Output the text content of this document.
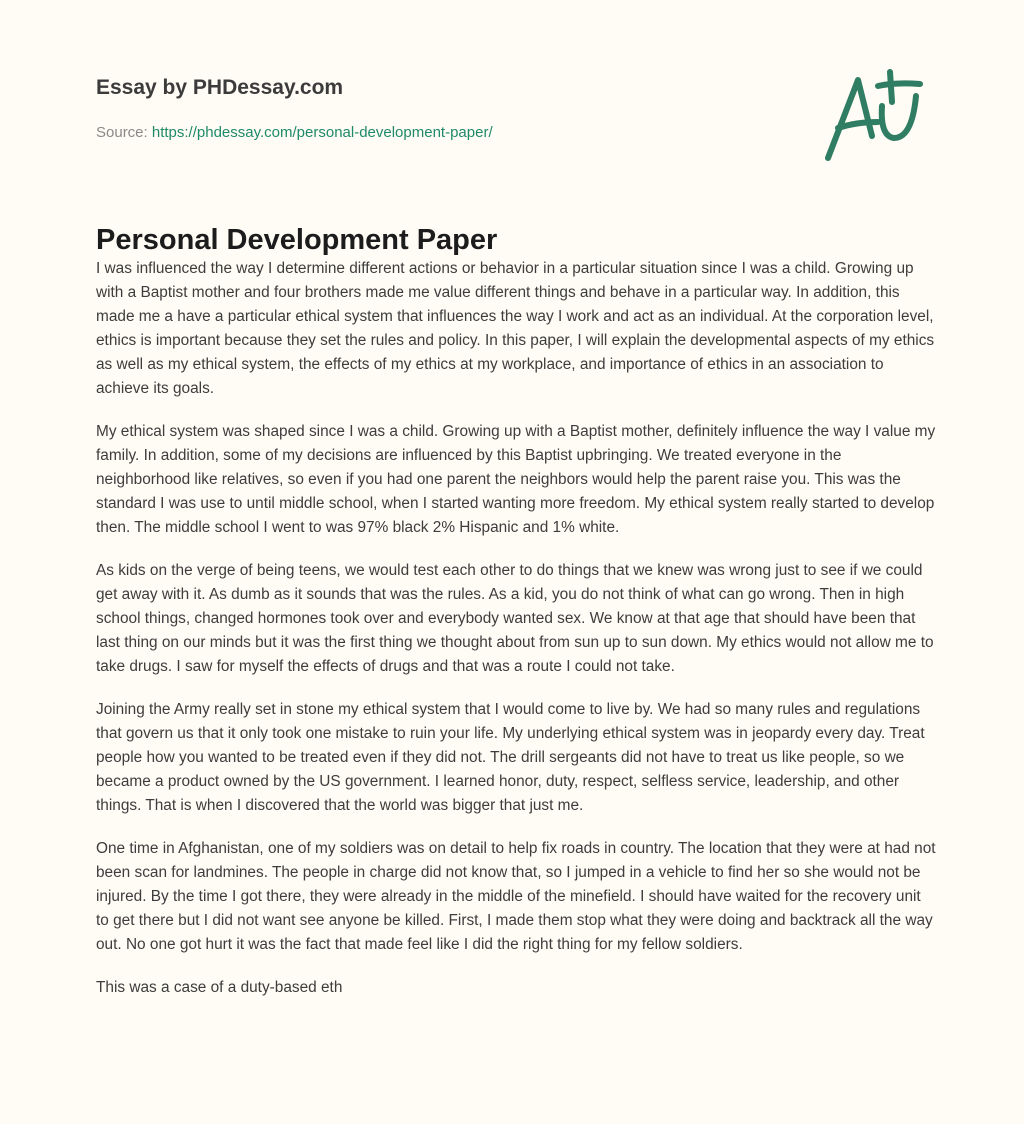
Essay by PHDessay.com
Source: https://phdessay.com/personal-development-paper/
Personal Development Paper

I was influenced the way I determine different actions or behavior in a particular situation since I was a child. Growing up with a Baptist mother and four brothers made me value different things and behave in a particular way. In addition, this made me a have a particular ethical system that influences the way I work and act as an individual. At the corporation level, ethics is important because they set the rules and policy. In this paper, I will explain the developmental aspects of my ethics as well as my ethical system, the effects of my ethics at my workplace, and importance of ethics in an association to achieve its goals.

My ethical system was shaped since I was a child. Growing up with a Baptist mother, definitely influence the way I value my family. In addition, some of my decisions are influenced by this Baptist upbringing. We treated everyone in the neighborhood like relatives, so even if you had one parent the neighbors would help the parent raise you. This was the standard I was use to until middle school, when I started wanting more freedom. My ethical system really started to develop then. The middle school I went to was 97% black 2% Hispanic and 1% white.

As kids on the verge of being teens, we would test each other to do things that we knew was wrong just to see if we could get away with it. As dumb as it sounds that was the rules. As a kid, you do not think of what can go wrong. Then in high school things, changed hormones took over and everybody wanted sex. We know at that age that should have been that last thing on our minds but it was the first thing we thought about from sun up to sun down. My ethics would not allow me to take drugs. I saw for myself the effects of drugs and that was a route I could not take.

Joining the Army really set in stone my ethical system that I would come to live by. We had so many rules and regulations that govern us that it only took one mistake to ruin your life. My underlying ethical system was in jeopardy every day. Treat people how you wanted to be treated even if they did not. The drill sergeants did not have to treat us like people, so we became a product owned by the US government. I learned honor, duty, respect, selfless service, leadership, and other things. That is when I discovered that the world was bigger that just me.

One time in Afghanistan, one of my soldiers was on detail to help fix roads in country. The location that they were at had not been scan for landmines. The people in charge did not know that, so I jumped in a vehicle to find her so she would not be injured. By the time I got there, they were already in the middle of the minefield. I should have waited for the recovery unit to get there but I did not want see anyone be killed. First, I made them stop what they were doing and backtrack all the way out. No one got hurt it was the fact that made feel like I did the right thing for my fellow soldiers.

This was a case of a duty-based eth
